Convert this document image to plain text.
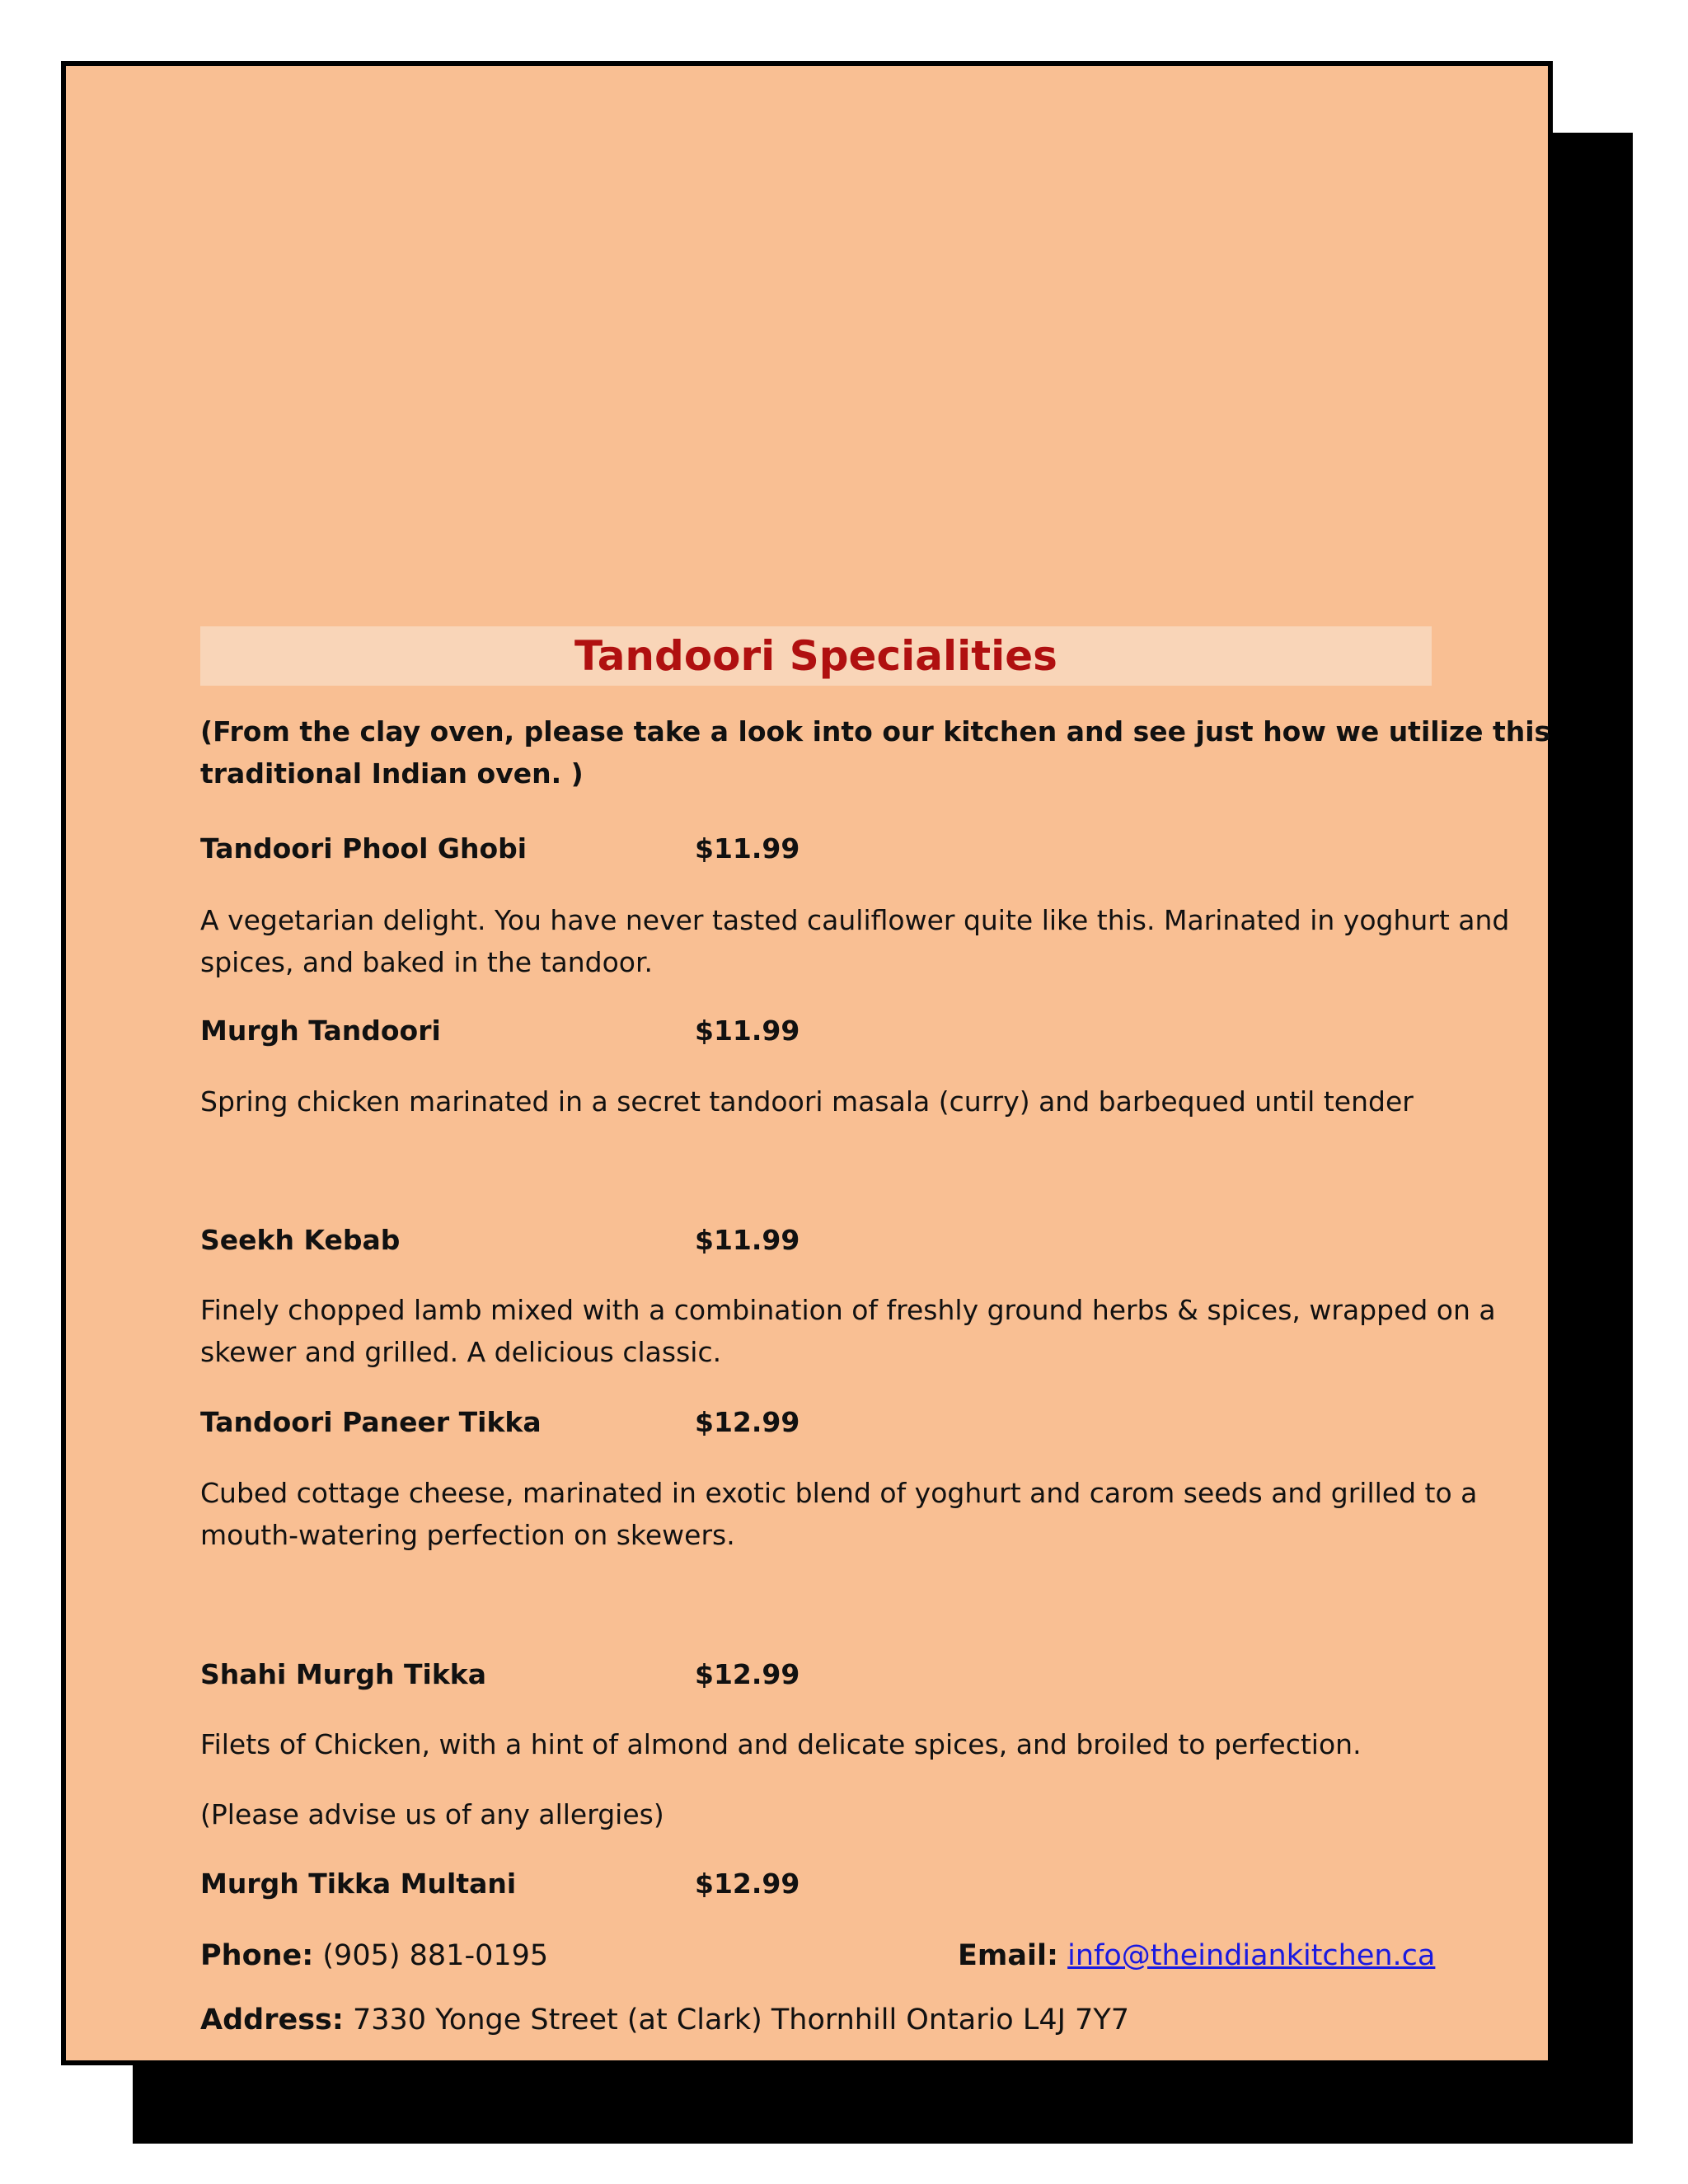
Tandoori Specialities

(From the clay oven, please take a look into our kitchen and see just how we utilize this

traditional Indian oven. )

Tandoori Phool Ghobi	$11.99

A vegetarian delight. You have never tasted cauliflower quite like this. Marinated in yoghurt and

spices, and baked in the tandoor.

Murgh Tandoori	$11.99

Spring chicken marinated in a secret tandoori masala (curry) and barbequed until tender

Seekh Kebab	$11.99

Finely chopped lamb mixed with a combination of freshly ground herbs & spices, wrapped on a

skewer and grilled. A delicious classic.

Tandoori Paneer Tikka	$12.99

Cubed cottage cheese, marinated in exotic blend of yoghurt and carom seeds and grilled to a

mouth-watering perfection on skewers.

Shahi Murgh Tikka	$12.99

Filets of Chicken, with a hint of almond and delicate spices, and broiled to perfection.

(Please advise us of any allergies)

Murgh Tikka Multani	$12.99
Phone: (905) 881-0195	Email: info@theindiankitchen.ca
Address: 7330 Yonge Street (at Clark) Thornhill Ontario L4J 7Y7
